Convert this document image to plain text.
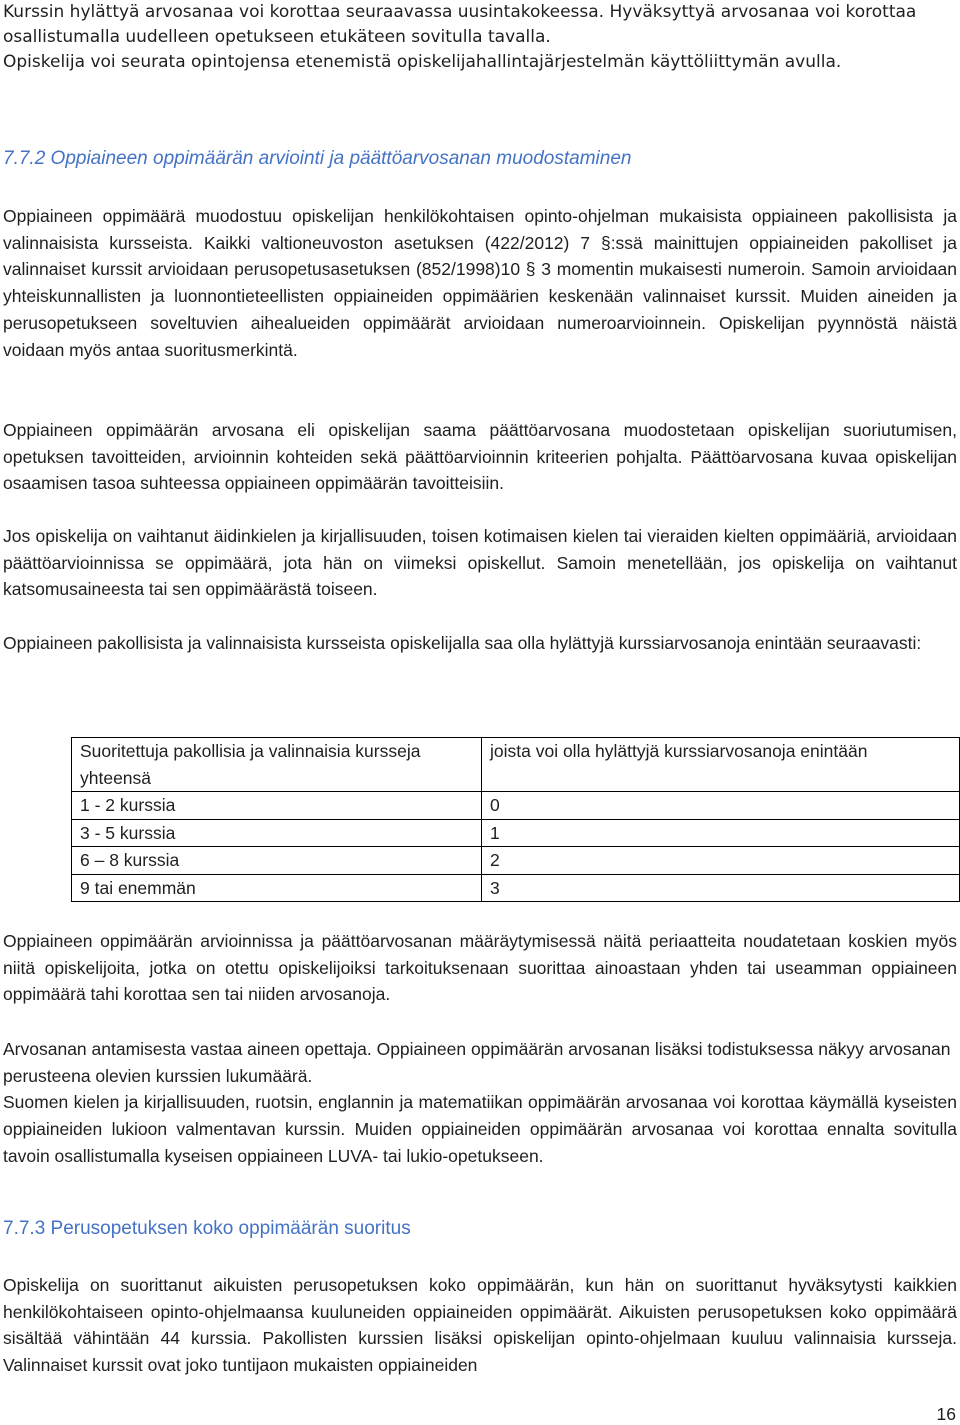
Kurssin hylättyä arvosanaa voi korottaa seuraavassa uusintakokeessa. Hyväksyttyä arvosanaa voi korottaa

osallistumalla uudelleen opetukseen etukäteen sovitulla tavalla.

Opiskelija voi seurata opintojensa etenemistä opiskelijahallintajärjestelmän käyttöliittymän avulla.

7.7.2 Oppiaineen oppimäärän arviointi ja päättöarvosanan muodostaminen

Oppiaineen oppimäärä muodostuu opiskelijan henkilökohtaisen opinto-ohjelman mukaisista oppiaineen pakollisista ja valinnaisista kursseista. Kaikki valtioneuvoston asetuksen (422/2012) 7 §:ssä mainittujen oppiaineiden pakolliset ja valinnaiset kurssit arvioidaan perusopetusasetuksen (852/1998)10 § 3 momentin mukaisesti numeroin. Samoin arvioidaan yhteiskunnallisten ja luonnontieteellisten oppiaineiden oppimäärien keskenään valinnaiset kurssit. Muiden aineiden ja perusopetukseen soveltuvien aihealueiden oppimäärät arvioidaan numeroarvioinnein. Opiskelijan pyynnöstä näistä voidaan myös antaa suoritusmerkintä.

Oppiaineen oppimäärän arvosana eli opiskelijan saama päättöarvosana muodostetaan opiskelijan suoriutumisen, opetuksen tavoitteiden, arvioinnin kohteiden sekä päättöarvioinnin kriteerien pohjalta. Päättöarvosana kuvaa opiskelijan osaamisen tasoa suhteessa oppiaineen oppimäärän tavoitteisiin.

Jos opiskelija on vaihtanut äidinkielen ja kirjallisuuden, toisen kotimaisen kielen tai vieraiden kielten oppimääriä, arvioidaan päättöarvioinnissa se oppimäärä, jota hän on viimeksi opiskellut. Samoin menetellään, jos opiskelija on vaihtanut katsomusaineesta tai sen oppimäärästä toiseen.

Oppiaineen pakollisista ja valinnaisista kursseista opiskelijalla saa olla hylättyjä kurssiarvosanoja enintään seuraavasti:

Suoritettuja pakollisia ja valinnaisia kursseja yhteensä	joista voi olla hylättyjä kurssiarvosanoja enintään
1 - 2 kurssia	0
3 - 5 kurssia	1
6 – 8 kurssia	2
9 tai enemmän	3

Oppiaineen oppimäärän arvioinnissa ja päättöarvosanan määräytymisessä näitä periaatteita noudatetaan koskien myös niitä opiskelijoita, jotka on otettu opiskelijoiksi tarkoituksenaan suorittaa ainoastaan yhden tai useamman oppiaineen oppimäärä tahi korottaa sen tai niiden arvosanoja.

Arvosanan antamisesta vastaa aineen opettaja. Oppiaineen oppimäärän arvosanan lisäksi todistuksessa näkyy arvosanan perusteena olevien kurssien lukumäärä.

Suomen kielen ja kirjallisuuden, ruotsin, englannin ja matematiikan oppimäärän arvosanaa voi korottaa käymällä kyseisten oppiaineiden lukioon valmentavan kurssin. Muiden oppiaineiden oppimäärän arvosanaa voi korottaa ennalta sovitulla tavoin osallistumalla kyseisen oppiaineen LUVA- tai lukio-opetukseen.

7.7.3 Perusopetuksen koko oppimäärän suoritus

Opiskelija on suorittanut aikuisten perusopetuksen koko oppimäärän, kun hän on suorittanut hyväksytysti kaikkien henkilökohtaiseen opinto-ohjelmaansa kuuluneiden oppiaineiden oppimäärät. Aikuisten perusopetuksen koko oppimäärä sisältää vähintään 44 kurssia. Pakollisten kurssien lisäksi opiskelijan opinto-ohjelmaan kuuluu valinnaisia kursseja. Valinnaiset kurssit ovat joko tuntijaon mukaisten oppiaineiden

16
